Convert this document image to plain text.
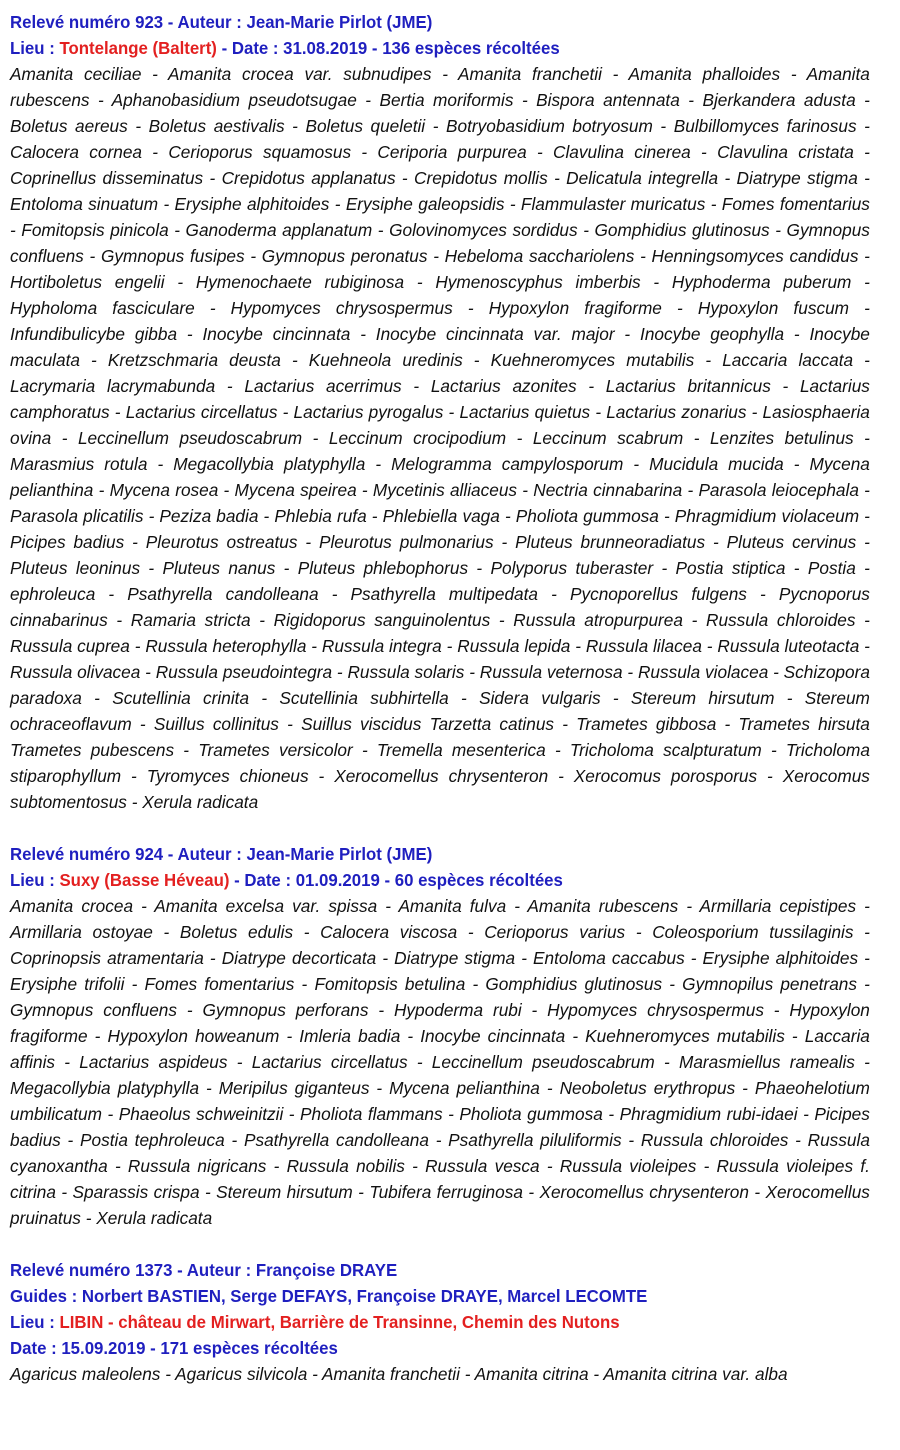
Relevé numéro 923 - Auteur : Jean-Marie Pirlot (JME)
Lieu : Tontelange (Baltert) - Date : 31.08.2019 - 136 espèces récoltées

Amanita ceciliae - Amanita crocea var. subnudipes - Amanita franchetii - Amanita phalloides - Amanita rubescens - Aphanobasidium pseudotsugae - Bertia moriformis - Bispora antennata - Bjerkandera adusta - Boletus aereus - Boletus aestivalis - Boletus queletii - Botryobasidium botryosum - Bulbillomyces farinosus - Calocera cornea - Cerioporus squamosus - Ceriporia purpurea - Clavulina cinerea - Clavulina cristata - Coprinellus disseminatus - Crepidotus applanatus - Crepidotus mollis - Delicatula integrella - Diatrype stigma - Entoloma sinuatum - Erysiphe alphitoides - Erysiphe galeopsidis - Flammulaster muricatus - Fomes fomentarius - Fomitopsis pinicola - Ganoderma applanatum - Golovinomyces sordidus - Gomphidius glutinosus - Gymnopus confluens - Gymnopus fusipes - Gymnopus peronatus - Hebeloma sacchariolens - Henningsomyces candidus - Hortiboletus engelii - Hymenochaete rubiginosa - Hymenoscyphus imberbis - Hyphoderma puberum - Hypholoma fasciculare - Hypomyces chrysospermus - Hypoxylon fragiforme - Hypoxylon fuscum - Infundibulicybe gibba - Inocybe cincinnata - Inocybe cincinnata var. major - Inocybe geophylla - Inocybe maculata - Kretzschmaria deusta - Kuehneola uredinis - Kuehneromyces mutabilis - Laccaria laccata - Lacrymaria lacrymabunda - Lactarius acerrimus - Lactarius azonites - Lactarius britannicus - Lactarius camphoratus - Lactarius circellatus - Lactarius pyrogalus - Lactarius quietus - Lactarius zonarius - Lasiosphaeria ovina - Leccinellum pseudoscabrum - Leccinum crocipodium - Leccinum scabrum - Lenzites betulinus - Marasmius rotula - Megacollybia platyphylla - Melogramma campylosporum - Mucidula mucida - Mycena pelianthina - Mycena rosea - Mycena speirea - Mycetinis alliaceus - Nectria cinnabarina - Parasola leiocephala - Parasola plicatilis - Peziza badia - Phlebia rufa - Phlebiella vaga - Pholiota gummosa - Phragmidium violaceum - Picipes badius - Pleurotus ostreatus - Pleurotus pulmonarius - Pluteus brunneoradiatus - Pluteus cervinus - Pluteus leoninus - Pluteus nanus - Pluteus phlebophorus - Polyporus tuberaster - Postia stiptica - Postia - ephroleuca - Psathyrella candolleana - Psathyrella multipedata - Pycnoporellus fulgens - Pycnoporus cinnabarinus - Ramaria stricta - Rigidoporus sanguinolentus - Russula atropurpurea - Russula chloroides - Russula cuprea - Russula heterophylla - Russula integra - Russula lepida - Russula lilacea - Russula luteotacta - Russula olivacea - Russula pseudointegra - Russula solaris - Russula veternosa - Russula violacea - Schizopora paradoxa - Scutellinia crinita - Scutellinia subhirtella - Sidera vulgaris - Stereum hirsutum - Stereum ochraceoflavum - Suillus collinitus - Suillus viscidus Tarzetta catinus - Trametes gibbosa - Trametes hirsuta Trametes pubescens - Trametes versicolor - Tremella mesenterica - Tricholoma scalpturatum - Tricholoma stiparophyllum - Tyromyces chioneus - Xerocomellus chrysenteron - Xerocomus porosporus - Xerocomus subtomentosus - Xerula radicata

Relevé numéro 924 - Auteur : Jean-Marie Pirlot (JME)
Lieu : Suxy (Basse Héveau) - Date : 01.09.2019 - 60 espèces récoltées

Amanita crocea - Amanita excelsa var. spissa - Amanita fulva - Amanita rubescens - Armillaria cepistipes - Armillaria ostoyae - Boletus edulis - Calocera viscosa - Cerioporus varius - Coleosporium tussilaginis - Coprinopsis atramentaria - Diatrype decorticata - Diatrype stigma - Entoloma caccabus - Erysiphe alphitoides - Erysiphe trifolii - Fomes fomentarius - Fomitopsis betulina - Gomphidius glutinosus - Gymnopilus penetrans - Gymnopus confluens - Gymnopus perforans - Hypoderma rubi - Hypomyces chrysospermus - Hypoxylon fragiforme - Hypoxylon howeanum - Imleria badia - Inocybe cincinnata - Kuehneromyces mutabilis - Laccaria affinis - Lactarius aspideus - Lactarius circellatus - Leccinellum pseudoscabrum - Marasmiellus ramealis - Megacollybia platyphylla - Meripilus giganteus - Mycena pelianthina - Neoboletus erythropus - Phaeohelotium umbilicatum - Phaeolus schweinitzii - Pholiota flammans - Pholiota gummosa - Phragmidium rubi-idaei - Picipes badius - Postia tephroleuca - Psathyrella candolleana - Psathyrella piluliformis - Russula chloroides - Russula cyanoxantha - Russula nigricans - Russula nobilis - Russula vesca - Russula violeipes - Russula violeipes f. citrina - Sparassis crispa - Stereum hirsutum - Tubifera ferruginosa - Xerocomellus chrysenteron - Xerocomellus pruinatus - Xerula radicata

Relevé numéro 1373 - Auteur : Françoise DRAYE
Guides : Norbert BASTIEN, Serge DEFAYS, Françoise DRAYE, Marcel LECOMTE
Lieu : LIBIN - château de Mirwart, Barrière de Transinne, Chemin des Nutons
Date : 15.09.2019 - 171 espèces récoltées

Agaricus maleolens - Agaricus silvicola - Amanita franchetii - Amanita citrina - Amanita citrina var. alba
